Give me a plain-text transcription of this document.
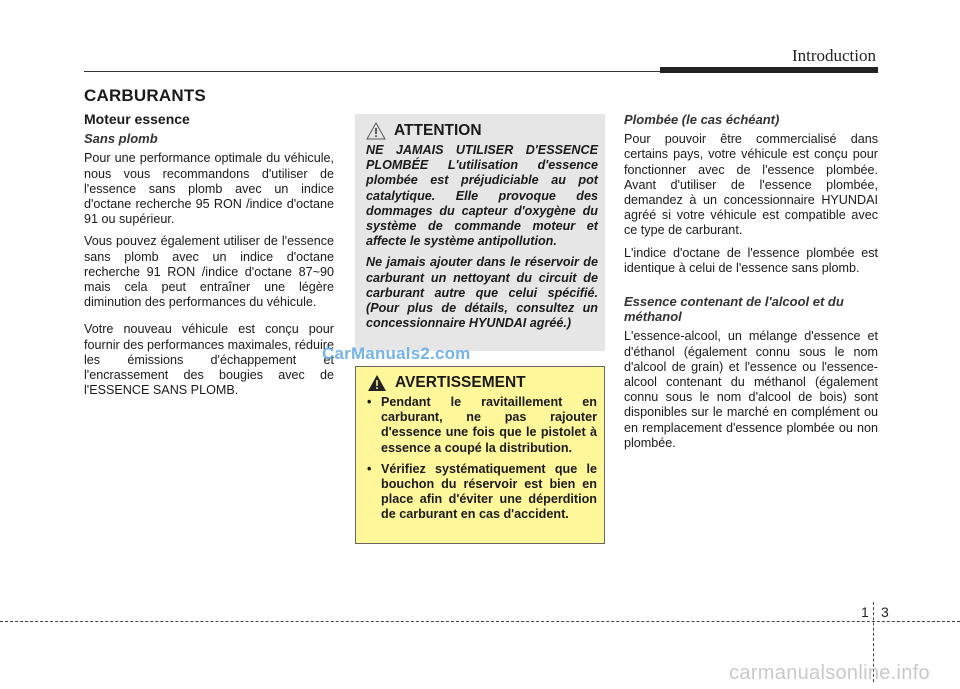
Introduction
CARBURANTS
Moteur essence
Sans plomb

Pour une performance optimale du véhicule, nous vous recommandons d'utiliser de l'essence sans plomb avec un indice d'octane recherche 95 RON /indice d'octane 91 ou supérieur.

Vous pouvez également utiliser de l'essence sans plomb avec un indice d'octane recherche 91 RON /indice d'octane 87~90 mais cela peut entraîner une légère diminution des performances du véhicule.

Votre nouveau véhicule est conçu pour fournir des performances maximales, réduire les émissions d'échappement et l'encrassement des bougies avec de l'ESSENCE SANS PLOMB.

ATTENTION

NE JAMAIS UTILISER D'ESSENCE PLOMBÉE L'utilisation d'essence plombée est préjudiciable au pot catalytique. Elle provoque des dommages du capteur d'oxygène du système de commande moteur et affecte le système antipollution.

Ne jamais ajouter dans le réservoir de carburant un nettoyant du circuit de carburant autre que celui spécifié. (Pour plus de détails, consultez un concessionnaire HYUNDAI agréé.)

CarManuals2.com
AVERTISSEMENT
• Pendant le ravitaillement en carburant, ne pas rajouter d'essence une fois que le pistolet à essence a coupé la distribution.
• Vérifiez systématiquement que le bouchon du réservoir est bien en place afin d'éviter une déperdition de carburant en cas d'accident.
Plombée (le cas échéant)

Pour pouvoir être commercialisé dans certains pays, votre véhicule est conçu pour fonctionner avec de l'essence plombée. Avant d'utiliser de l'essence plombée, demandez à un concessionnaire HYUNDAI agréé si votre véhicule est compatible avec ce type de carburant.

L'indice d'octane de l'essence plombée est identique à celui de l'essence sans plomb.

Essence contenant de l'alcool et du méthanol

L'essence-alcool, un mélange d'essence et d'éthanol (également connu sous le nom d'alcool de grain) et l'essence ou l'essence-alcool contenant du méthanol (également connu sous le nom d'alcool de bois) sont disponibles sur le marché en complément ou en remplacement d'essence plombée ou non plombée.

1 3
carmanualsonline.info
